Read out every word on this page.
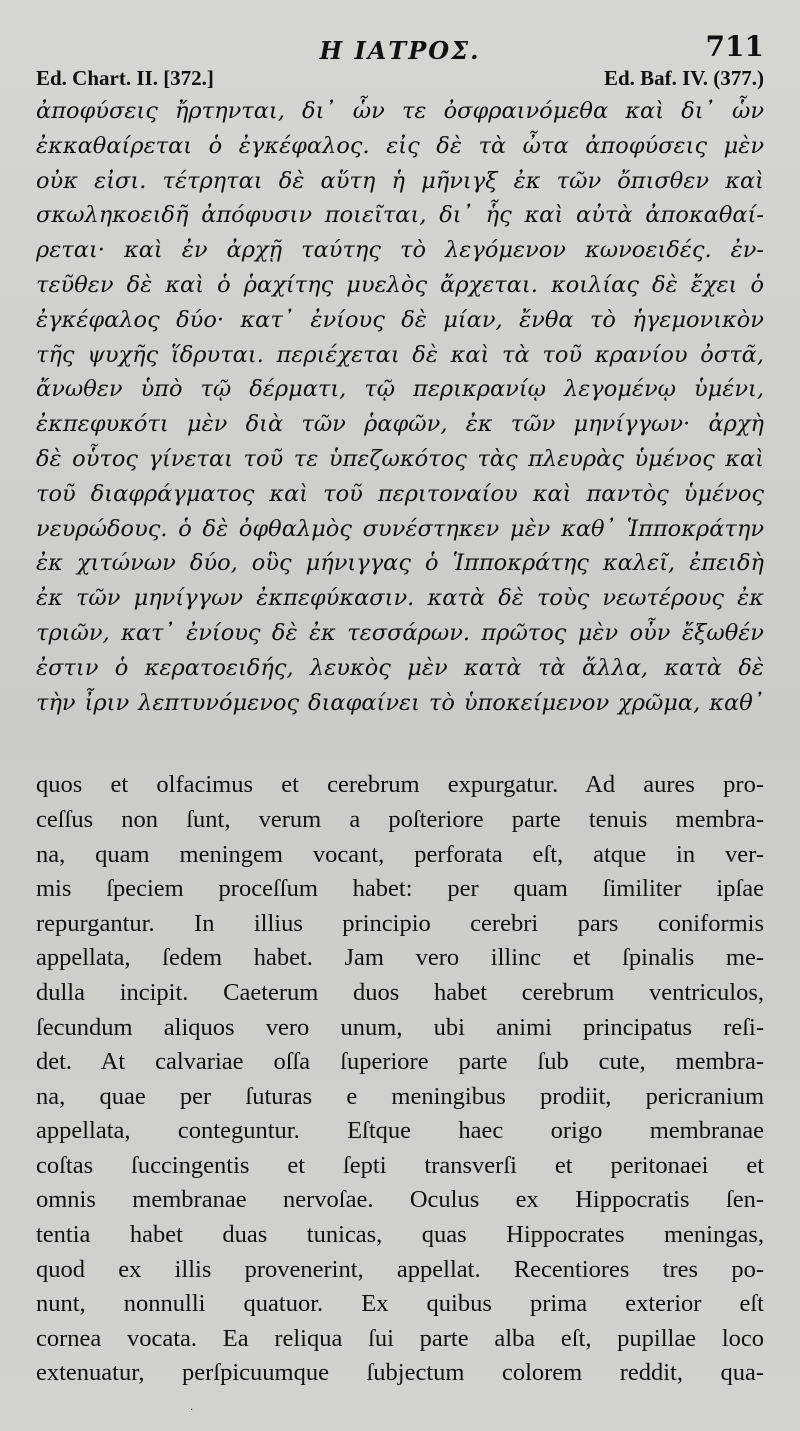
Η ΙΑΤΡΟΣ.	711
Ed. Chart. II. [372.]	Ed. Baf. IV. (377.)
ἀποφύσεις ἤρτηνται, δι᾽ ὧν τε ὀσφραινόμεθα καὶ δι᾽ ὧν
ἐκκαθαίρεται ὁ ἐγκέφαλος. εἰς δὲ τὰ ὦτα ἀποφύσεις μὲν
οὐκ εἰσι. τέτρηται δὲ αὕτη ἡ μῆνιγξ ἐκ τῶν ὄπισθεν καὶ
σκωληκοειδῆ ἀπόφυσιν ποιεῖται, δι᾽ ἧς καὶ αὐτὰ ἀποκαθαί-
ρεται· καὶ ἐν ἀρχῇ ταύτης τὸ λεγόμενον κωνοειδές. ἐν-
τεῦθεν δὲ καὶ ὁ ῥαχίτης μυελὸς ἄρχεται. κοιλίας δὲ ἔχει ὁ
ἐγκέφαλος δύο· κατ᾽ ἐνίους δὲ μίαν, ἔνθα τὸ ἡγεμονικὸν
τῆς ψυχῆς ἵδρυται. περιέχεται δὲ καὶ τὰ τοῦ κρανίου ὀστᾶ,
ἄνωθεν ὑπὸ τῷ δέρματι, τῷ περικρανίῳ λεγομένῳ ὑμένι,
ἐκπεφυκότι μὲν διὰ τῶν ῥαφῶν, ἐκ τῶν μηνίγγων· ἀρχὴ
δὲ οὗτος γίνεται τοῦ τε ὑπεζωκότος τὰς πλευρὰς ὑμένος καὶ
τοῦ διαφράγματος καὶ τοῦ περιτοναίου καὶ παντὸς ὑμένος
νευρώδους. ὁ δὲ ὀφθαλμὸς συνέστηκεν μὲν καθ᾽ Ἱπποκράτην
ἐκ χιτώνων δύο, οὓς μήνιγγας ὁ Ἱπποκράτης καλεῖ, ἐπειδὴ
ἐκ τῶν μηνίγγων ἐκπεφύκασιν. κατὰ δὲ τοὺς νεωτέρους ἐκ
τριῶν, κατ᾽ ἐνίους δὲ ἐκ τεσσάρων. πρῶτος μὲν οὖν ἔξωθέν
ἐστιν ὁ κερατοειδής, λευκὸς μὲν κατὰ τὰ ἄλλα, κατὰ δὲ
τὴν ἶριν λεπτυνόμενος διαφαίνει τὸ ὑποκείμενον χρῶμα, καθ᾽
quos et olfacimus et cerebrum expurgatur. Ad aures pro-
ceſſus non ſunt, verum a poſteriore parte tenuis membra-
na, quam meningem vocant, perforata eſt, atque in ver-
mis ſpeciem proceſſum habet: per quam ſimiliter ipſae
repurgantur. In illius principio cerebri pars coniformis
appellata, ſedem habet. Jam vero illinc et ſpinalis me-
dulla incipit. Caeterum duos habet cerebrum ventriculos,
ſecundum aliquos vero unum, ubi animi principatus reſi-
det. At calvariae oſſa ſuperiore parte ſub cute, membra-
na, quae per ſuturas e meningibus prodiit, pericranium
appellata, conteguntur. Eſtque haec origo membranae
coſtas ſuccingentis et ſepti transverſi et peritonaei et
omnis membranae nervoſae. Oculus ex Hippocratis ſen-
tentia habet duas tunicas, quas Hippocrates meningas,
quod ex illis provenerint, appellat. Recentiores tres po-
nunt, nonnulli quatuor. Ex quibus prima exterior eſt
cornea vocata. Ea reliqua ſui parte alba eſt, pupillae loco
extenuatur, perſpicuumque ſubjectum colorem reddit, qua-
·
